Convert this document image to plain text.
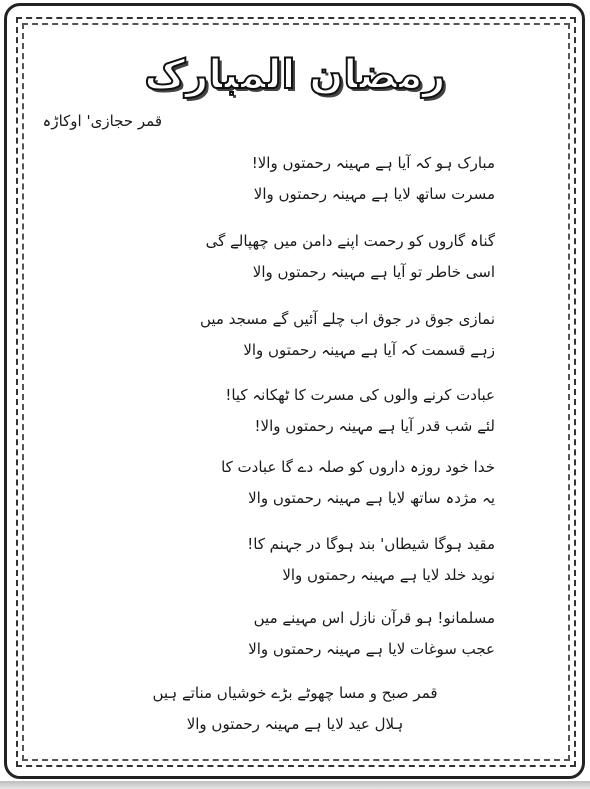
رمضان المبارک
قمر حجازی' اوکاڑہ
مبارک ہو کہ آیا ہے مہینہ رحمتوں والا!
مسرت ساتھ لایا ہے مہینہ رحمتوں والا
گناہ گاروں کو رحمت اپنے دامن میں چھپالے گی
اسی خاطر تو آیا ہے مہینہ رحمتوں والا
نمازی جوق در جوق اب چلے آئیں گے مسجد میں
زہے قسمت کہ آیا ہے مہینہ رحمتوں والا
عبادت کرنے والوں کی مسرت کا ٹھکانہ کیا!
لئے شب قدر آیا ہے مہینہ رحمتوں والا!
خدا خود روزہ داروں کو صلہ دے گا عبادت کا
یہ مژدہ ساتھ لایا ہے مہینہ رحمتوں والا
مقید ہوگا شیطاں' بند ہوگا در جہنم کا!
نوید خلد لایا ہے مہینہ رحمتوں والا
مسلمانو! ہو قرآن نازل اس مہینے میں
عجب سوغات لایا ہے مہینہ رحمتوں والا
قمر صبح و مسا چھوٹے بڑے خوشیاں مناتے ہیں
ہلال عید لایا ہے مہینہ رحمتوں والا
